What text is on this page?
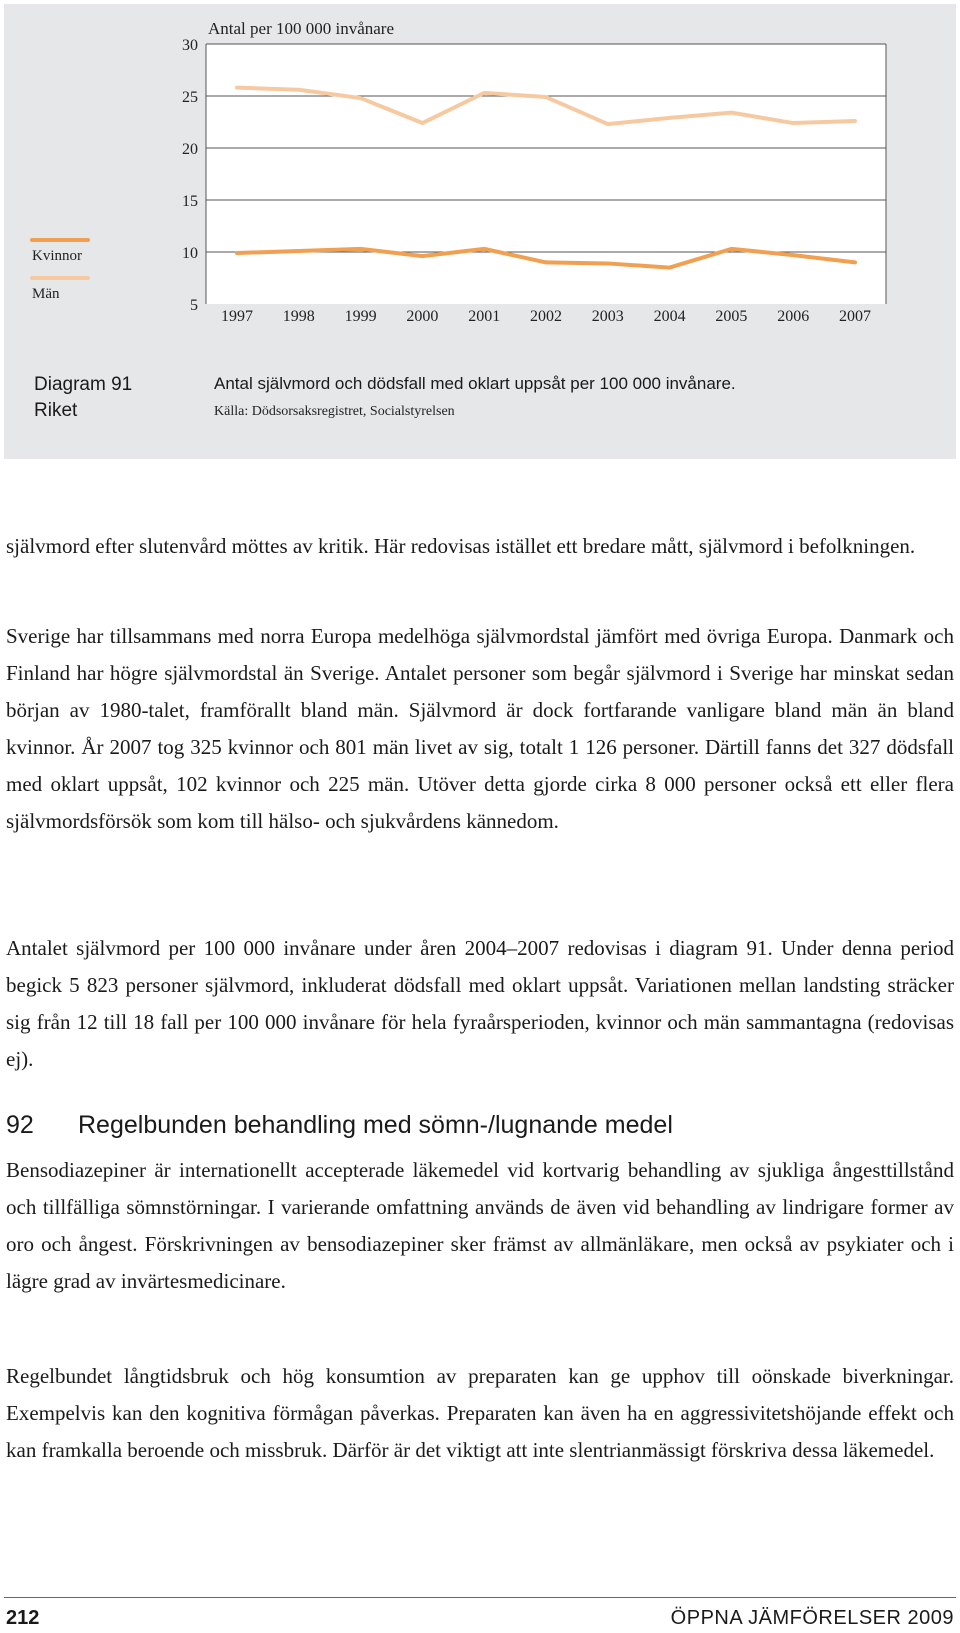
30
25
20
15
10
5
Antal per 100 000 invånare
1997 1998 1999 2000 2001 2002 2003 2004 2005 2006 2007
Kvinnor
Män
Diagram 91
Riket
Antal självmord och dödsfall med oklart uppsåt per 100 000 invånare.
Källa: Dödsorsaksregistret, Socialstyrelsen

självmord efter slutenvård möttes av kritik. Här redovisas istället ett bredare mått, självmord i befolkningen.

Sverige har tillsammans med norra Europa medelhöga självmordstal jämfört med övriga Europa. Danmark och Finland har högre självmordstal än Sverige. Antalet personer som begår självmord i Sverige har minskat sedan början av 1980-talet, framförallt bland män. Självmord är dock fortfarande vanligare bland män än bland kvinnor. År 2007 tog 325 kvinnor och 801 män livet av sig, totalt 1 126 personer. Därtill fanns det 327 dödsfall med oklart uppsåt, 102 kvinnor och 225 män. Utöver detta gjorde cirka 8 000 personer också ett eller flera självmordsförsök som kom till hälso- och sjukvårdens kännedom.

Antalet självmord per 100 000 invånare under åren 2004–2007 redovisas i diagram 91. Under denna period begick 5 823 personer självmord, inkluderat dödsfall med oklart uppsåt. Variationen mellan landsting sträcker sig från 12 till 18 fall per 100 000 invånare för hela fyraårsperioden, kvinnor och män sammantagna (redovisas ej).

92 Regelbunden behandling med sömn-/lugnande medel

Bensodiazepiner är internationellt accepterade läkemedel vid kortvarig behandling av sjukliga ångesttillstånd och tillfälliga sömnstörningar. I varierande omfattning används de även vid behandling av lindrigare former av oro och ångest. Förskrivningen av bensodiazepiner sker främst av allmänläkare, men också av psykiater och i lägre grad av invärtesmedicinare.

Regelbundet långtidsbruk och hög konsumtion av preparaten kan ge upphov till oönskade biverkningar. Exempelvis kan den kognitiva förmågan påverkas. Preparaten kan även ha en aggressivitetshöjande effekt och kan framkalla beroende och missbruk. Därför är det viktigt att inte slentrianmässigt förskriva dessa läkemedel.

212	ÖPPNA JÄMFÖRELSER 2009
